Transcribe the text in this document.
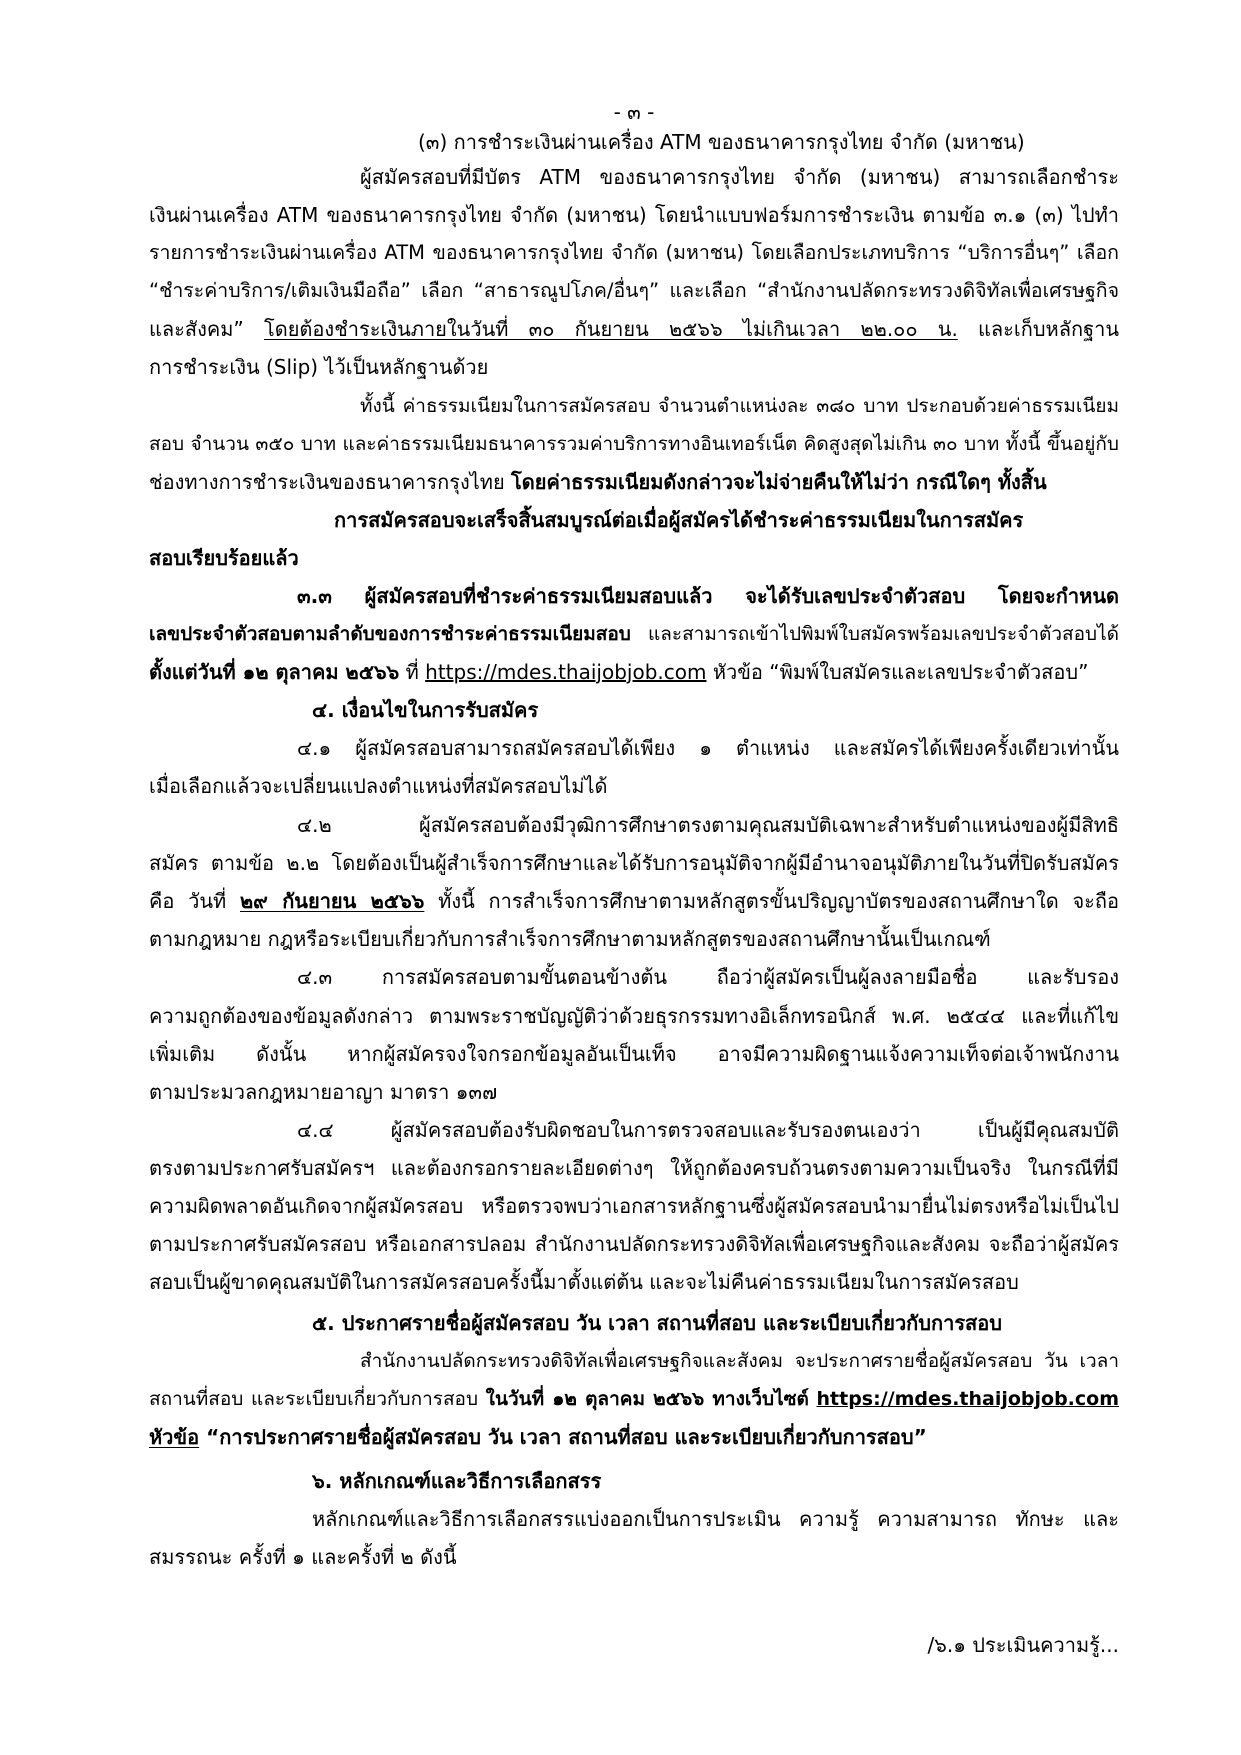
- ๓ -
(๓) การชำระเงินผ่านเครื่อง ATM ของธนาคารกรุงไทย จำกัด (มหาชน)
ผู้สมัครสอบที่มีบัตร ATM ของธนาคารกรุงไทย จำกัด (มหาชน) สามารถเลือกชำระ
เงินผ่านเครื่อง ATM ของธนาคารกรุงไทย จำกัด (มหาชน) โดยนำแบบฟอร์มการชำระเงิน ตามข้อ ๓.๑ (๓) ไปทำ
รายการชำระเงินผ่านเครื่อง ATM ของธนาคารกรุงไทย จำกัด (มหาชน) โดยเลือกประเภทบริการ “บริการอื่นๆ” เลือก
“ชำระค่าบริการ/เติมเงินมือถือ” เลือก “สาธารณูปโภค/อื่นๆ” และเลือก “สำนักงานปลัดกระทรวงดิจิทัลเพื่อเศรษฐกิจ
และสังคม” โดยต้องชำระเงินภายในวันที่ ๓๐ กันยายน ๒๕๖๖ ไม่เกินเวลา ๒๒.๐๐ น. และเก็บหลักฐาน
การชำระเงิน (Slip) ไว้เป็นหลักฐานด้วย
ทั้งนี้ ค่าธรรมเนียมในการสมัครสอบ จำนวนตำแหน่งละ ๓๘๐ บาท ประกอบด้วยค่าธรรมเนียม
สอบ จำนวน ๓๕๐ บาท และค่าธรรมเนียมธนาคารรวมค่าบริการทางอินเทอร์เน็ต คิดสูงสุดไม่เกิน ๓๐ บาท ทั้งนี้ ขึ้นอยู่กับ
ช่องทางการชำระเงินของธนาคารกรุงไทย โดยค่าธรรมเนียมดังกล่าวจะไม่จ่ายคืนให้ไม่ว่า กรณีใดๆ ทั้งสิ้น
การสมัครสอบจะเสร็จสิ้นสมบูรณ์ต่อเมื่อผู้สมัครได้ชำระค่าธรรมเนียมในการสมัคร
สอบเรียบร้อยแล้ว
๓.๓ ผู้สมัครสอบที่ชำระค่าธรรมเนียมสอบแล้ว จะได้รับเลขประจำตัวสอบ โดยจะกำหนด
เลขประจำตัวสอบตามลำดับของการชำระค่าธรรมเนียมสอบ และสามารถเข้าไปพิมพ์ใบสมัครพร้อมเลขประจำตัวสอบได้
ตั้งแต่วันที่ ๑๒ ตุลาคม ๒๕๖๖ ที่ https://mdes.thaijobjob.com หัวข้อ “พิมพ์ใบสมัครและเลขประจำตัวสอบ”
๔. เงื่อนไขในการรับสมัคร
๔.๑ ผู้สมัครสอบสามารถสมัครสอบได้เพียง ๑ ตำแหน่ง และสมัครได้เพียงครั้งเดียวเท่านั้น
เมื่อเลือกแล้วจะเปลี่ยนแปลงตำแหน่งที่สมัครสอบไม่ได้
๔.๒ ผู้สมัครสอบต้องมีวุฒิการศึกษาตรงตามคุณสมบัติเฉพาะสำหรับตำแหน่งของผู้มีสิทธิ
สมัคร ตามข้อ ๒.๒ โดยต้องเป็นผู้สำเร็จการศึกษาและได้รับการอนุมัติจากผู้มีอำนาจอนุมัติภายในวันที่ปิดรับสมัคร
คือ วันที่ ๒๙ กันยายน ๒๕๖๖ ทั้งนี้ การสำเร็จการศึกษาตามหลักสูตรขั้นปริญญาบัตรของสถานศึกษาใด จะถือ
ตามกฎหมาย กฎหรือระเบียบเกี่ยวกับการสำเร็จการศึกษาตามหลักสูตรของสถานศึกษานั้นเป็นเกณฑ์
๔.๓ การสมัครสอบตามขั้นตอนข้างต้น ถือว่าผู้สมัครเป็นผู้ลงลายมือชื่อ และรับรอง
ความถูกต้องของข้อมูลดังกล่าว ตามพระราชบัญญัติว่าด้วยธุรกรรมทางอิเล็กทรอนิกส์ พ.ศ. ๒๕๔๔ และที่แก้ไข
เพิ่มเติม ดังนั้น หากผู้สมัครจงใจกรอกข้อมูลอันเป็นเท็จ อาจมีความผิดฐานแจ้งความเท็จต่อเจ้าพนักงาน
ตามประมวลกฎหมายอาญา มาตรา ๑๓๗
๔.๔ ผู้สมัครสอบต้องรับผิดชอบในการตรวจสอบและรับรองตนเองว่า เป็นผู้มีคุณสมบัติ
ตรงตามประกาศรับสมัครฯ และต้องกรอกรายละเอียดต่างๆ ให้ถูกต้องครบถ้วนตรงตามความเป็นจริง ในกรณีที่มี
ความผิดพลาดอันเกิดจากผู้สมัครสอบ หรือตรวจพบว่าเอกสารหลักฐานซึ่งผู้สมัครสอบนำมายื่นไม่ตรงหรือไม่เป็นไป
ตามประกาศรับสมัครสอบ หรือเอกสารปลอม สำนักงานปลัดกระทรวงดิจิทัลเพื่อเศรษฐกิจและสังคม จะถือว่าผู้สมัคร
สอบเป็นผู้ขาดคุณสมบัติในการสมัครสอบครั้งนี้มาตั้งแต่ต้น และจะไม่คืนค่าธรรมเนียมในการสมัครสอบ
๕. ประกาศรายชื่อผู้สมัครสอบ วัน เวลา สถานที่สอบ และระเบียบเกี่ยวกับการสอบ
สำนักงานปลัดกระทรวงดิจิทัลเพื่อเศรษฐกิจและสังคม จะประกาศรายชื่อผู้สมัครสอบ วัน เวลา
สถานที่สอบ และระเบียบเกี่ยวกับการสอบ ในวันที่ ๑๒ ตุลาคม ๒๕๖๖ ทางเว็บไซต์ https://mdes.thaijobjob.com
หัวข้อ “การประกาศรายชื่อผู้สมัครสอบ วัน เวลา สถานที่สอบ และระเบียบเกี่ยวกับการสอบ”
๖. หลักเกณฑ์และวิธีการเลือกสรร
หลักเกณฑ์และวิธีการเลือกสรรแบ่งออกเป็นการประเมิน ความรู้ ความสามารถ ทักษะ และ
สมรรถนะ ครั้งที่ ๑ และครั้งที่ ๒ ดังนี้
/๖.๑ ประเมินความรู้...
